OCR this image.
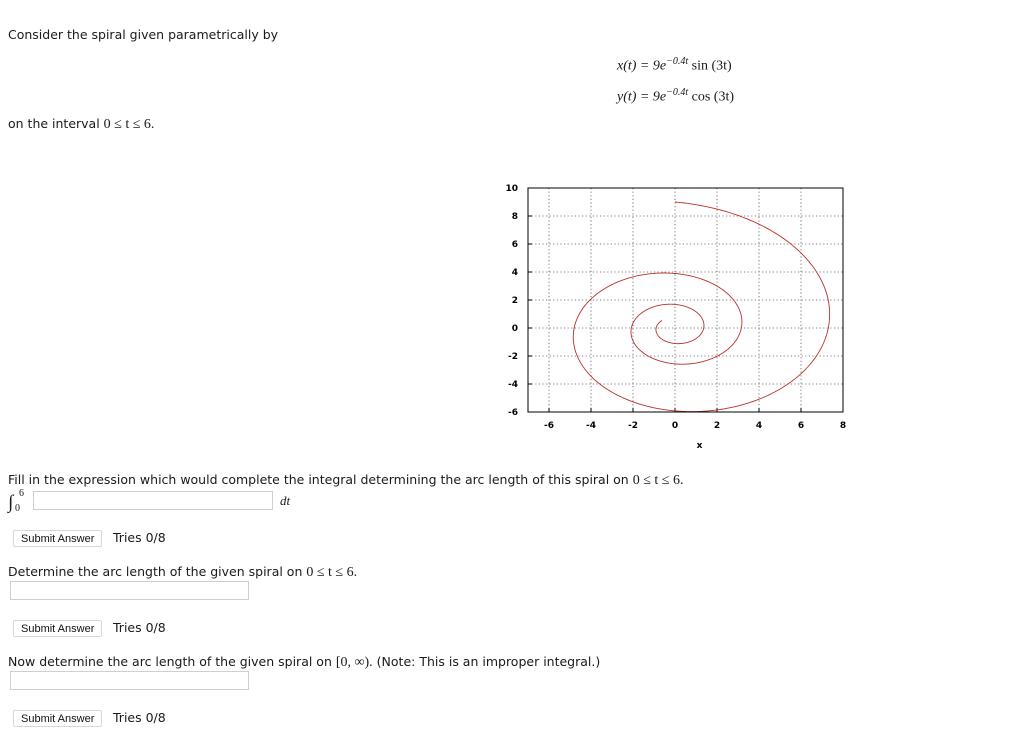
Consider the spiral given parametrically by
$x(t) = 9e^{-0.4t}$ sin (3t)
$y(t) = 9e^{-0.4t}$ cos (3t)
on the interval 0 ≤ t ≤ 6.
-6	-4	-2	0	2	4	6	8
-6
-4
-2
0
2
4
6
8
10
x
Fill in the expression which would complete the integral determining the arc length of this spiral on 0 ≤ t ≤ 6.
∫ 6
0
dt
Submit Answer	Tries 0/8
Determine the arc length of the given spiral on 0 ≤ t ≤ 6.
Submit Answer	Tries 0/8
Now determine the arc length of the given spiral on [0, ∞). (Note: This is an improper integral.)
Submit Answer	Tries 0/8
